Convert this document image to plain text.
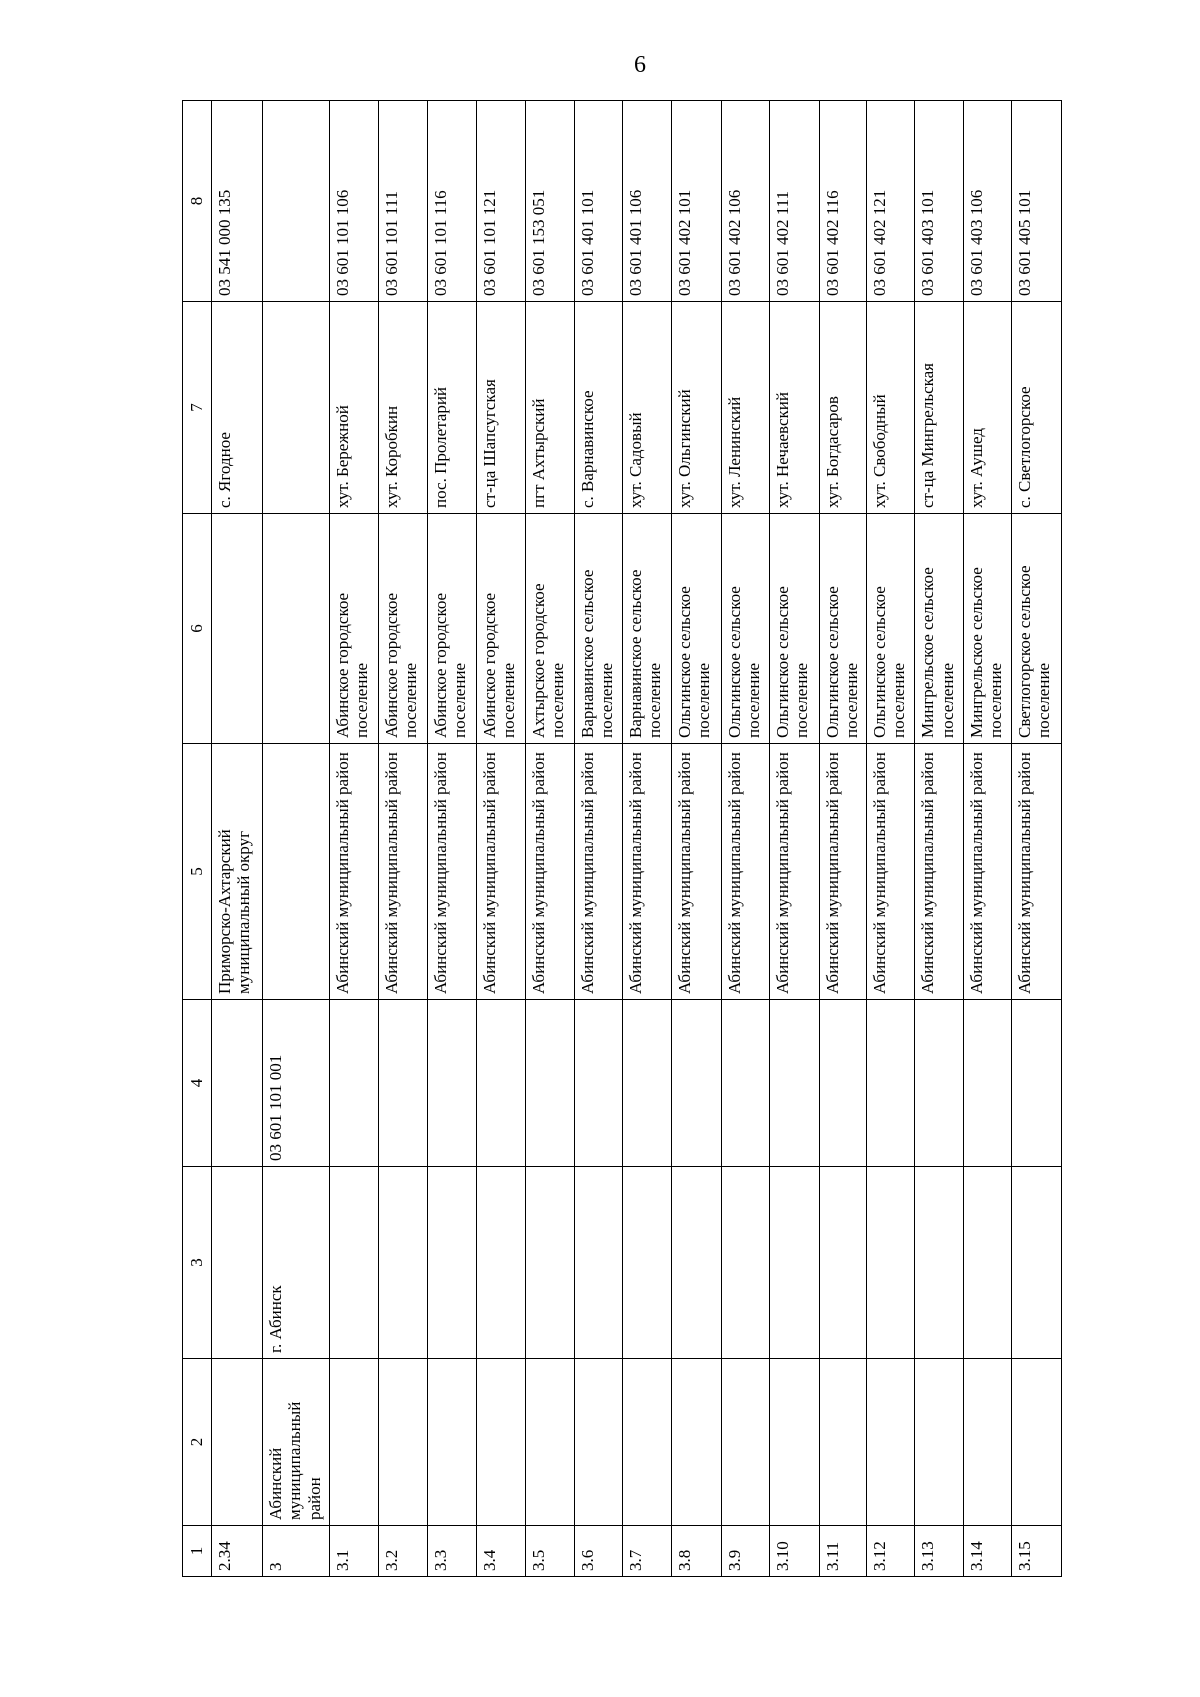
6
1	2	3	4	5	6	7	8
2.34				Приморско-Ахтарский муниципальный округ		с. Ягодное	03 541 000 135
3	Абинский муниципальный район	г. Абинск	03 601 101 001				
3.1				Абинский муниципальный район	Абинское городское поселение	хут. Бережной	03 601 101 106
3.2				Абинский муниципальный район	Абинское городское поселение	хут. Коробкин	03 601 101 111
3.3				Абинский муниципальный район	Абинское городское поселение	пос. Пролетарий	03 601 101 116
3.4				Абинский муниципальный район	Абинское городское поселение	ст-ца Шапсугская	03 601 101 121
3.5				Абинский муниципальный район	Ахтырское городское поселение	пгт Ахтырский	03 601 153 051
3.6				Абинский муниципальный район	Варнавинское сельское поселение	с. Варнавинское	03 601 401 101
3.7				Абинский муниципальный район	Варнавинское сельское поселение	хут. Садовый	03 601 401 106
3.8				Абинский муниципальный район	Ольгинское сельское поселение	хут. Ольгинский	03 601 402 101
3.9				Абинский муниципальный район	Ольгинское сельское поселение	хут. Ленинский	03 601 402 106
3.10				Абинский муниципальный район	Ольгинское сельское поселение	хут. Нечаевский	03 601 402 111
3.11				Абинский муниципальный район	Ольгинское сельское поселение	хут. Богдасаров	03 601 402 116
3.12				Абинский муниципальный район	Ольгинское сельское поселение	хут. Свободный	03 601 402 121
3.13				Абинский муниципальный район	Мингрельское сельское поселение	ст-ца Мингрельская	03 601 403 101
3.14				Абинский муниципальный район	Мингрельское сельское поселение	хут. Аушед	03 601 403 106
3.15				Абинский муниципальный район	Светлогорское сельское поселение	с. Светлогорское	03 601 405 101
